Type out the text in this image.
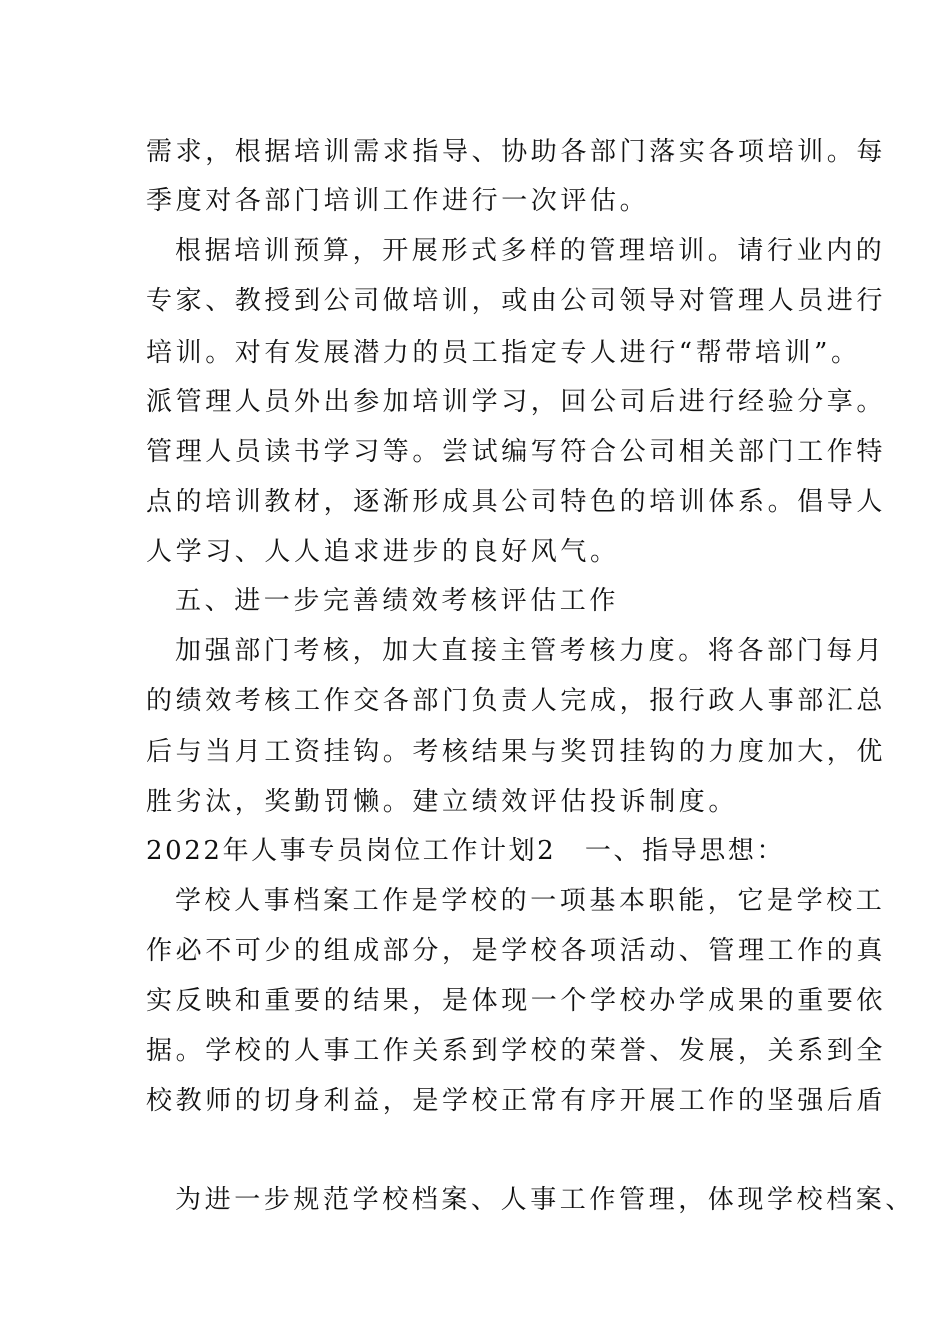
需求，根据培训需求指导、协助各部门落实各项培训。每
季度对各部门培训工作进行一次评估。
根据培训预算，开展形式多样的管理培训。请行业内的
专家、教授到公司做培训，或由公司领导对管理人员进行
培训。对有发展潜力的员工指定专人进行“帮带培训”。
派管理人员外出参加培训学习，回公司后进行经验分享。
管理人员读书学习等。尝试编写符合公司相关部门工作特
点的培训教材，逐渐形成具公司特色的培训体系。倡导人
人学习、人人追求进步的良好风气。
五、进一步完善绩效考核评估工作
加强部门考核，加大直接主管考核力度。将各部门每月
的绩效考核工作交各部门负责人完成，报行政人事部汇总
后与当月工资挂钩。考核结果与奖罚挂钩的力度加大，优
胜劣汰，奖勤罚懒。建立绩效评估投诉制度。
2022年人事专员岗位工作计划2　一、指导思想：
学校人事档案工作是学校的一项基本职能，它是学校工
作必不可少的组成部分，是学校各项活动、管理工作的真
实反映和重要的结果，是体现一个学校办学成果的重要依
据。学校的人事工作关系到学校的荣誉、发展，关系到全
校教师的切身利益，是学校正常有序开展工作的坚强后盾
为进一步规范学校档案、人事工作管理，体现学校档案、
